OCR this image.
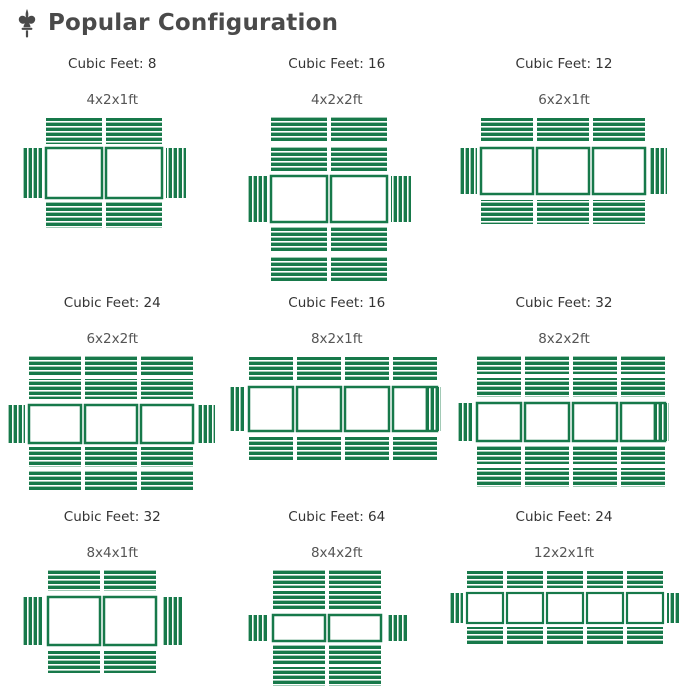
Popular Configuration
Cubic Feet: 8
4x2x1ft
Cubic Feet: 16
4x2x2ft
Cubic Feet: 12
6x2x1ft
Cubic Feet: 24
6x2x2ft
Cubic Feet: 16
8x2x1ft
Cubic Feet: 32
8x2x2ft
Cubic Feet: 32
8x4x1ft
Cubic Feet: 64
8x4x2ft
Cubic Feet: 24
12x2x1ft
